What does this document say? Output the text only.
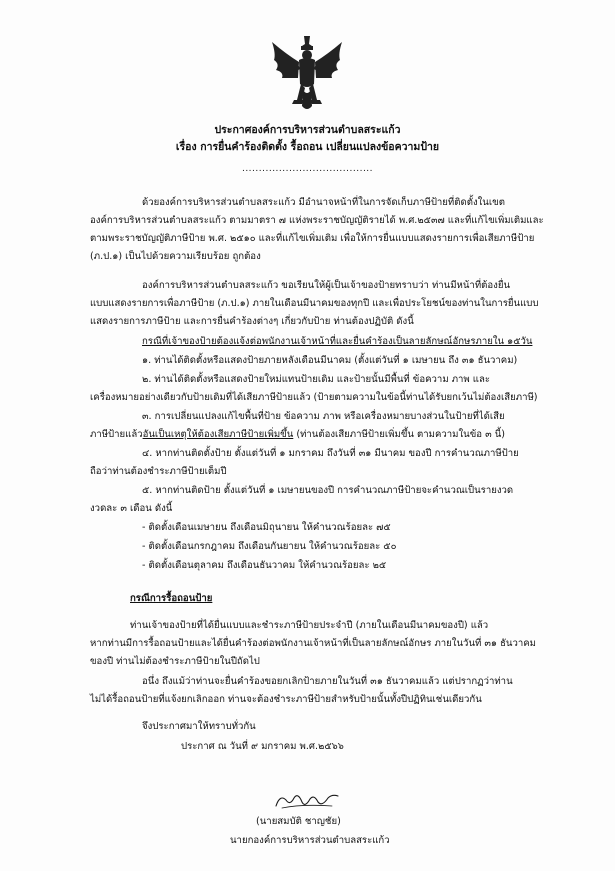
ประกาศองค์การบริหารส่วนตำบลสระแก้ว
เรื่อง การยื่นคำร้องติดตั้ง รื้อถอน เปลี่ยนแปลงข้อความป้าย
.......................................
ด้วยองค์การบริหารส่วนตำบลสระแก้ว มีอำนาจหน้าที่ในการจัดเก็บภาษีป้ายที่ติดตั้งในเขต
องค์การบริหารส่วนตำบลสระแก้ว ตามมาตรา ๗ แห่งพระราชบัญญัติรายได้ พ.ศ.๒๕๓๗ และที่แก้ไขเพิ่มเติมและ
ตามพระราชบัญญัติภาษีป้าย พ.ศ. ๒๕๑๐ และที่แก้ไขเพิ่มเติม เพื่อให้การยื่นแบบแสดงรายการเพื่อเสียภาษีป้าย
(ภ.ป.๑) เป็นไปด้วยความเรียบร้อย ถูกต้อง
องค์การบริหารส่วนตำบลสระแก้ว ขอเรียนให้ผู้เป็นเจ้าของป้ายทราบว่า ท่านมีหน้าที่ต้องยื่น
แบบแสดงรายการเพื่อภาษีป้าย (ภ.ป.๑) ภายในเดือนมีนาคมของทุกปี และเพื่อประโยชน์ของท่านในการยื่นแบบ
แสดงรายการภาษีป้าย และการยื่นคำร้องต่างๆ เกี่ยวกับป้าย ท่านต้องปฏิบัติ ดังนี้
กรณีที่เจ้าของป้ายต้องแจ้งต่อพนักงานเจ้าหน้าที่และยื่นคำร้องเป็นลายลักษณ์อักษรภายใน ๑๕วัน
๑. ท่านได้ติดตั้งหรือแสดงป้ายภายหลังเดือนมีนาคม (ตั้งแต่วันที่ ๑ เมษายน ถึง ๓๑ ธันวาคม)
๒. ท่านได้ติดตั้งหรือแสดงป้ายใหม่แทนป้ายเดิม และป้ายนั้นมีพื้นที่ ข้อความ ภาพ และ
เครื่องหมายอย่างเดียวกับป้ายเดิมที่ได้เสียภาษีป้ายแล้ว (ป้ายตามความในข้อนี้ท่านได้รับยกเว้นไม่ต้องเสียภาษี)
๓. การเปลี่ยนแปลงแก้ไขพื้นที่ป้าย ข้อความ ภาพ หรือเครื่องหมายบางส่วนในป้ายที่ได้เสีย
ภาษีป้ายแล้วอันเป็นเหตุให้ต้องเสียภาษีป้ายเพิ่มขึ้น (ท่านต้องเสียภาษีป้ายเพิ่มขึ้น ตามความในข้อ ๓ นี้)
๔. หากท่านติดตั้งป้าย ตั้งแต่วันที่ ๑ มกราคม ถึงวันที่ ๓๑ มีนาคม ของปี การคำนวณภาษีป้าย
ถือว่าท่านต้องชำระภาษีป้ายเต็มปี
๕. หากท่านติดป้าย ตั้งแต่วันที่ ๑ เมษายนของปี การคำนวณภาษีป้ายจะคำนวณเป็นรายงวด
งวดละ ๓ เดือน ดังนี้
- ติดตั้งเดือนเมษายน ถึงเดือนมิถุนายน ให้คำนวณร้อยละ ๗๕
- ติดตั้งเดือนกรกฎาคม ถึงเดือนกันยายน ให้คำนวณร้อยละ ๕๐
- ติดตั้งเดือนตุลาคม ถึงเดือนธันวาคม ให้คำนวณร้อยละ ๒๕
กรณีการรื้อถอนป้าย
ท่านเจ้าของป้ายที่ได้ยื่นแบบและชำระภาษีป้ายประจำปี (ภายในเดือนมีนาคมของปี) แล้ว
หากท่านมีการรื้อถอนป้ายและได้ยื่นคำร้องต่อพนักงานเจ้าหน้าที่เป็นลายลักษณ์อักษร ภายในวันที่ ๓๑ ธันวาคม
ของปี ท่านไม่ต้องชำระภาษีป้ายในปีถัดไป
อนึ่ง ถึงแม้ว่าท่านจะยื่นคำร้องขอยกเลิกป้ายภายในวันที่ ๓๑ ธันวาคมแล้ว แต่ปรากฏว่าท่าน
ไม่ได้รื้อถอนป้ายที่แจ้งยกเลิกออก ท่านจะต้องชำระภาษีป้ายสำหรับป้ายนั้นทั้งปีปฏิทินเช่นเดียวกัน
จึงประกาศมาให้ทราบทั่วกัน
ประกาศ ณ วันที่ ๙ มกราคม พ.ศ.๒๕๖๖
(นายสมบัติ ชาญชัย)
นายกองค์การบริหารส่วนตำบลสระแก้ว
